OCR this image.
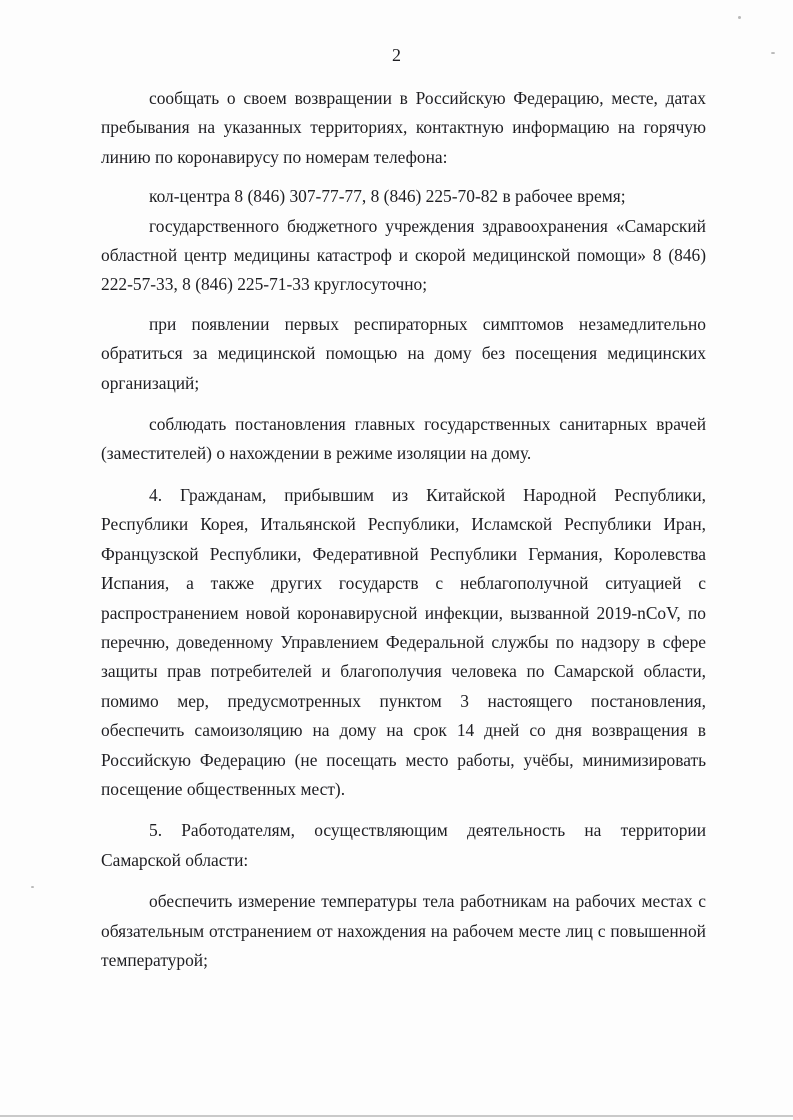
2

сообщать о своем возвращении в Российскую Федерацию, месте, датах пребывания на указанных территориях, контактную информацию на горячую линию по коронавирусу по номерам телефона:

кол-центра 8 (846) 307-77-77, 8 (846) 225-70-82 в рабочее время;

государственного бюджетного учреждения здравоохранения «Самарский областной центр медицины катастроф и скорой медицинской помощи» 8 (846) 222-57-33, 8 (846) 225-71-33 круглосуточно;

при появлении первых респираторных симптомов незамедлительно обратиться за медицинской помощью на дому без посещения медицинских организаций;

соблюдать постановления главных государственных санитарных врачей (заместителей) о нахождении в режиме изоляции на дому.

4. Гражданам, прибывшим из Китайской Народной Республики, Республики Корея, Итальянской Республики, Исламской Республики Иран, Французской Республики, Федеративной Республики Германия, Королевства Испания, а также других государств с неблагополучной ситуацией с распространением новой коронавирусной инфекции, вызванной 2019-nCoV, по перечню, доведенному Управлением Федеральной службы по надзору в сфере защиты прав потребителей и благополучия человека по Самарской области, помимо мер, предусмотренных пунктом 3 настоящего постановления, обеспечить самоизоляцию на дому на срок 14 дней со дня возвращения в Российскую Федерацию (не посещать место работы, учёбы, минимизировать посещение общественных мест).

5. Работодателям, осуществляющим деятельность на территории Самарской области:

обеспечить измерение температуры тела работникам на рабочих местах с обязательным отстранением от нахождения на рабочем месте лиц с повышенной температурой;
